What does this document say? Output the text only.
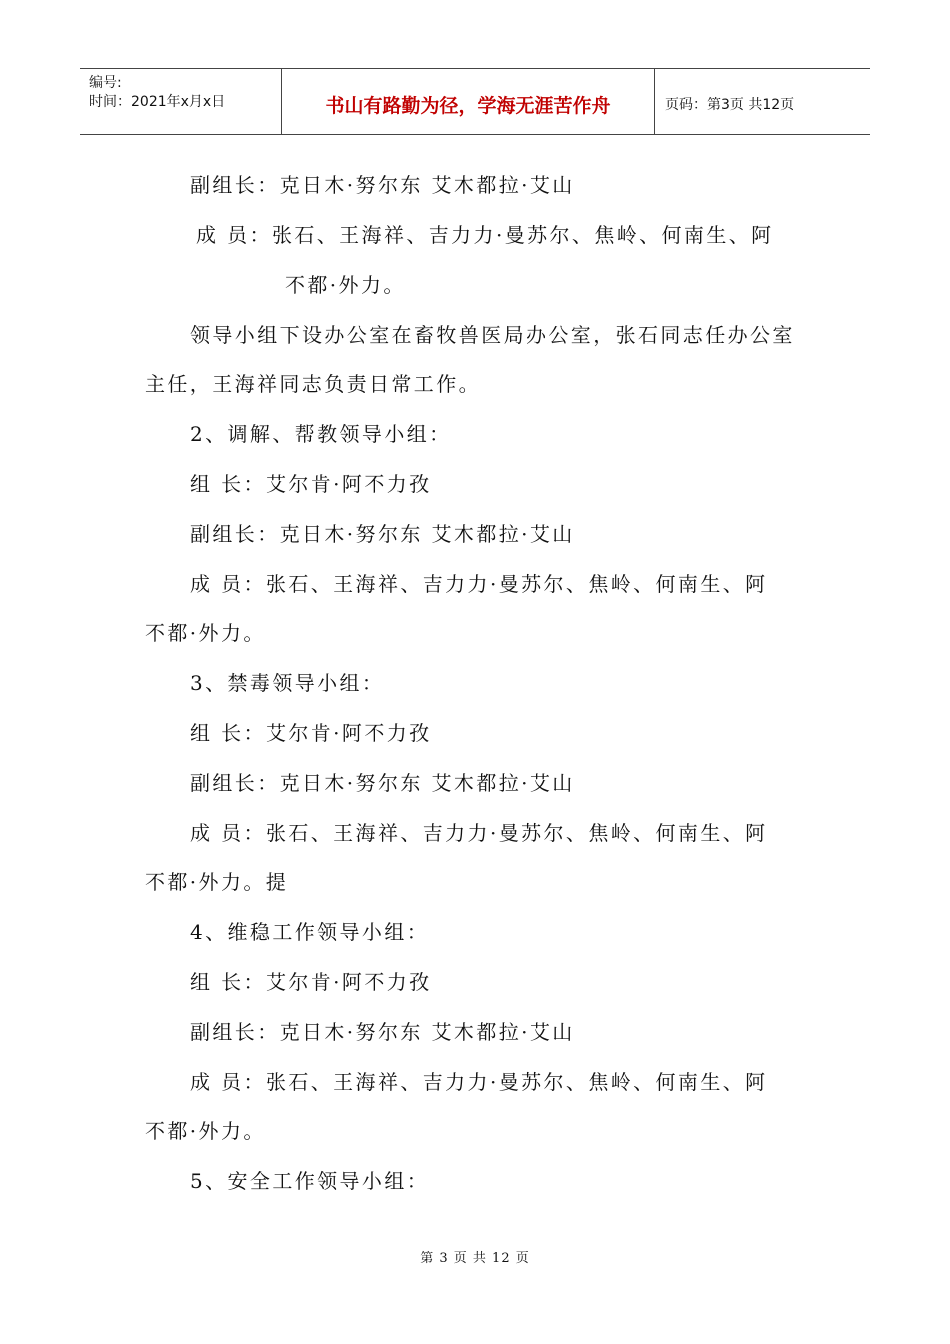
编号:
时间：2021年x月x日	书山有路勤为径，学海无涯苦作舟	页码：第3页 共12页
副组长：克日木·努尔东 艾木都拉·艾山
成 员：张石、王海祥、吉力力·曼苏尔、焦岭、何南生、阿
不都·外力。
领导小组下设办公室在畜牧兽医局办公室，张石同志任办公室
主任，王海祥同志负责日常工作。
2、调解、帮教领导小组：
组 长：艾尔肯·阿不力孜
副组长：克日木·努尔东 艾木都拉·艾山
成 员：张石、王海祥、吉力力·曼苏尔、焦岭、何南生、阿
不都·外力。
3、禁毒领导小组：
组 长：艾尔肯·阿不力孜
副组长：克日木·努尔东 艾木都拉·艾山
成 员：张石、王海祥、吉力力·曼苏尔、焦岭、何南生、阿
不都·外力。提
4、维稳工作领导小组：
组 长：艾尔肯·阿不力孜
副组长：克日木·努尔东 艾木都拉·艾山
成 员：张石、王海祥、吉力力·曼苏尔、焦岭、何南生、阿
不都·外力。
5、安全工作领导小组：
第 3 页 共 12 页
